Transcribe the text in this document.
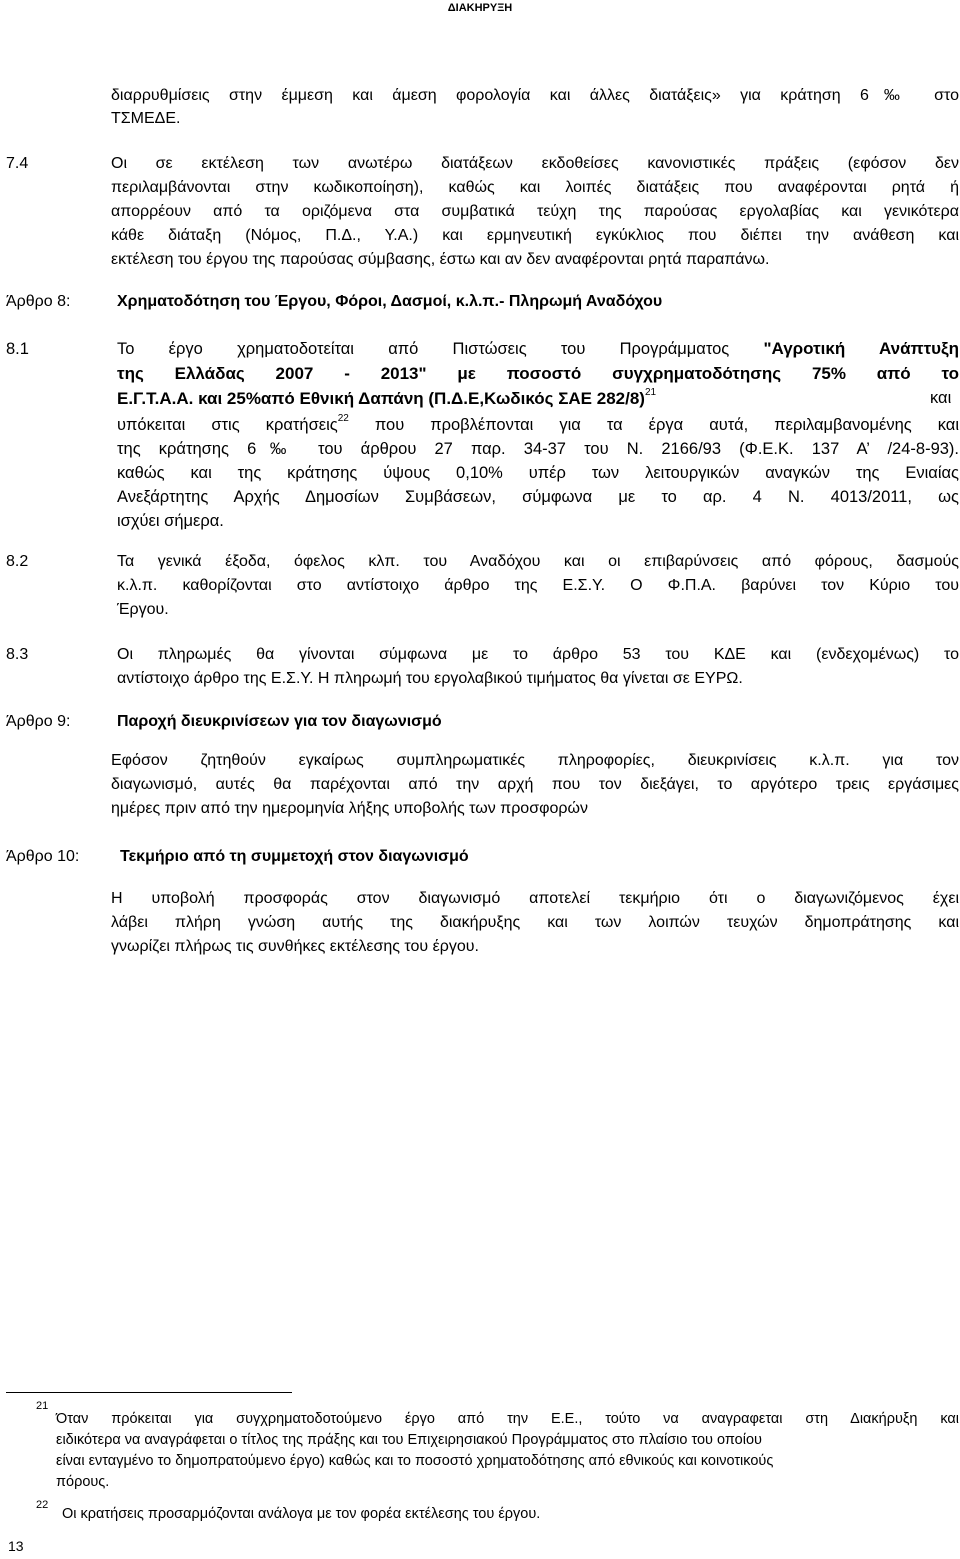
ΔΙΑΚΗΡΥΞΗ
διαρρυθμίσεις στην έμμεση και άμεση φορολογία και άλλες διατάξεις» για κράτηση 6‰ στο
ΤΣΜΕΔΕ.
7.4	Οι σε εκτέλεση των ανωτέρω διατάξεων εκδοθείσες κανονιστικές πράξεις (εφόσον δεν
περιλαμβάνονται στην κωδικοποίηση), καθώς και λοιπές διατάξεις που αναφέρονται ρητά ή
απορρέουν από τα οριζόμενα στα συμβατικά τεύχη της παρούσας εργολαβίας και γενικότερα
κάθε διάταξη (Νόμος, Π.Δ., Υ.Α.) και ερμηνευτική εγκύκλιος που διέπει την ανάθεση και
εκτέλεση του έργου της παρούσας σύμβασης, έστω και αν δεν αναφέρονται ρητά παραπάνω.
Άρθρο 8:	Χρηματοδότηση του Έργου, Φόροι, Δασμοί, κ.λ.π.- Πληρωμή Αναδόχου
8.1	Το έργο χρηματοδοτείται από Πιστώσεις του Προγράμματος "Αγροτική Ανάπτυξη
της Ελλάδας 2007 - 2013" με ποσοστό συγχρηματοδότησης 75% από το
Ε.Γ.Τ.Α.Α. και 25%από Εθνική Δαπάνη (Π.Δ.Ε,Κωδικός ΣΑΕ 282/8)$^{21}$	και
υπόκειται στις κρατήσεις$^{22}$ που προβλέπονται για τα έργα αυτά, περιλαμβανομένης και
της κράτησης 6‰ του άρθρου 27 παρ. 34-37 του Ν. 2166/93 (Φ.Ε.Κ. 137 Α’ /24-8-93).
καθώς και της κράτησης ύψους 0,10% υπέρ των λειτουργικών αναγκών της Ενιαίας
Ανεξάρτητης Αρχής Δημοσίων Συμβάσεων, σύμφωνα με το αρ. 4 Ν. 4013/2011, ως
ισχύει σήμερα.
8.2	Τα γενικά έξοδα, όφελος κλπ. του Αναδόχου και οι επιβαρύνσεις από φόρους, δασμούς
κ.λ.π. καθορίζονται στο αντίστοιχο άρθρο της Ε.Σ.Υ. Ο Φ.Π.Α. βαρύνει τον Κύριο του
Έργου.
8.3	Οι πληρωμές θα γίνονται σύμφωνα με το άρθρο 53 του ΚΔΕ και (ενδεχομένως) το
αντίστοιχο άρθρο της Ε.Σ.Υ. Η πληρωμή του εργολαβικού τιμήματος θα γίνεται σε ΕΥΡΩ.
Άρθρο 9:	Παροχή διευκρινίσεων για τον διαγωνισμό
Εφόσον ζητηθούν εγκαίρως συμπληρωματικές πληροφορίες, διευκρινίσεις κ.λ.π. για τον
διαγωνισμό, αυτές θα παρέχονται από την αρχή που τον διεξάγει, το αργότερο τρεις εργάσιμες
ημέρες πριν από την ημερομηνία λήξης υποβολής των προσφορών
Άρθρο 10:	Τεκμήριο από τη συμμετοχή στον διαγωνισμό
Η υποβολή προσφοράς στον διαγωνισμό αποτελεί τεκμήριο ότι ο διαγωνιζόμενος έχει
λάβει πλήρη γνώση αυτής της διακήρυξης και των λοιπών τευχών δημοπράτησης και
γνωρίζει πλήρως τις συνθήκες εκτέλεσης του έργου.
21
Όταν πρόκειται για συγχρηματοδοτούμενο έργο από την Ε.Ε., τούτο να αναγραφεται στη Διακήρυξη και
ειδικότερα να αναγράφεται ο τίτλος της πράξης και του Επιχειρησιακού Προγράμματος στο πλαίσιο του οποίου
είναι ενταγμένο το δημοπρατούμενο έργο) καθώς και το ποσοστό χρηματοδότησης από εθνικούς και κοινοτικούς
πόρους.
22
Οι κρατήσεις προσαρμόζονται ανάλογα με τον φορέα εκτέλεσης του έργου.
13
